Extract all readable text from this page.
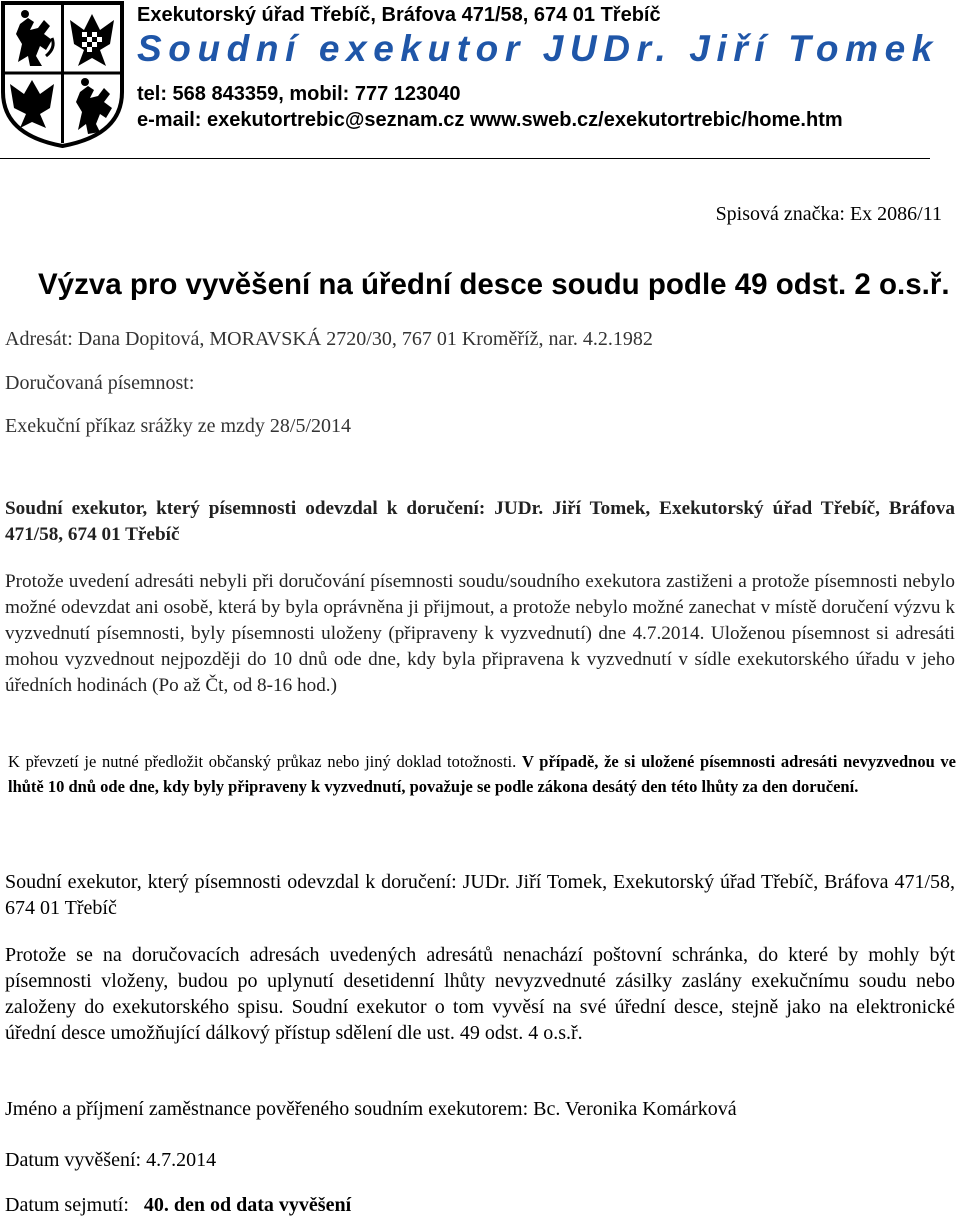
Exekutorský úřad Třebíč, Bráfova 471/58, 674 01 Třebíč
Soudní exekutor JUDr. Jiří Tomek
tel: 568 843359, mobil: 777 123040
e-mail: exekutortrebic@seznam.cz www.sweb.cz/exekutortrebic/home.htm
Spisová značka: Ex 2086/11
Výzva pro vyvěšení na úřední desce soudu podle 49 odst. 2 o.s.ř.
Adresát: Dana Dopitová, MORAVSKÁ 2720/30, 767 01 Kroměříž, nar. 4.2.1982
Doručovaná písemnost:
Exekuční příkaz srážky ze mzdy 28/5/2014
Soudní exekutor, který písemnosti odevzdal k doručení: JUDr. Jiří Tomek, Exekutorský úřad Třebíč, Bráfova 471/58, 674 01 Třebíč
Protože uvedení adresáti nebyli při doručování písemnosti soudu/soudního exekutora zastiženi a protože písemnosti nebylo možné odevzdat ani osobě, která by byla oprávněna ji přijmout, a protože nebylo možné zanechat v místě doručení výzvu k vyzvednutí písemnosti, byly písemnosti uloženy (připraveny k vyzvednutí) dne 4.7.2014. Uloženou písemnost si adresáti mohou vyzvednout nejpozději do 10 dnů ode dne, kdy byla připravena k vyzvednutí v sídle exekutorského úřadu v jeho úředních hodinách (Po až Čt, od 8-16 hod.)
K převzetí je nutné předložit občanský průkaz nebo jiný doklad totožnosti. V případě, že si uložené písemnosti adresáti nevyzvednou ve lhůtě 10 dnů ode dne, kdy byly připraveny k vyzvednutí, považuje se podle zákona desátý den této lhůty za den doručení.
Soudní exekutor, který písemnosti odevzdal k doručení: JUDr. Jiří Tomek, Exekutorský úřad Třebíč, Bráfova 471/58, 674 01 Třebíč
Protože se na doručovacích adresách uvedených adresátů nenachází poštovní schránka, do které by mohly být písemnosti vloženy, budou po uplynutí desetidenní lhůty nevyzvednuté zásilky zaslány exekučnímu soudu nebo založeny do exekutorského spisu. Soudní exekutor o tom vyvěsí na své úřední desce, stejně jako na elektronické úřední desce umožňující dálkový přístup sdělení dle ust. 49 odst. 4 o.s.ř.
Jméno a příjmení zaměstnance pověřeného soudním exekutorem: Bc. Veronika Komárková
Datum vyvěšení: 4.7.2014
Datum sejmutí: 40. den od data vyvěšení
